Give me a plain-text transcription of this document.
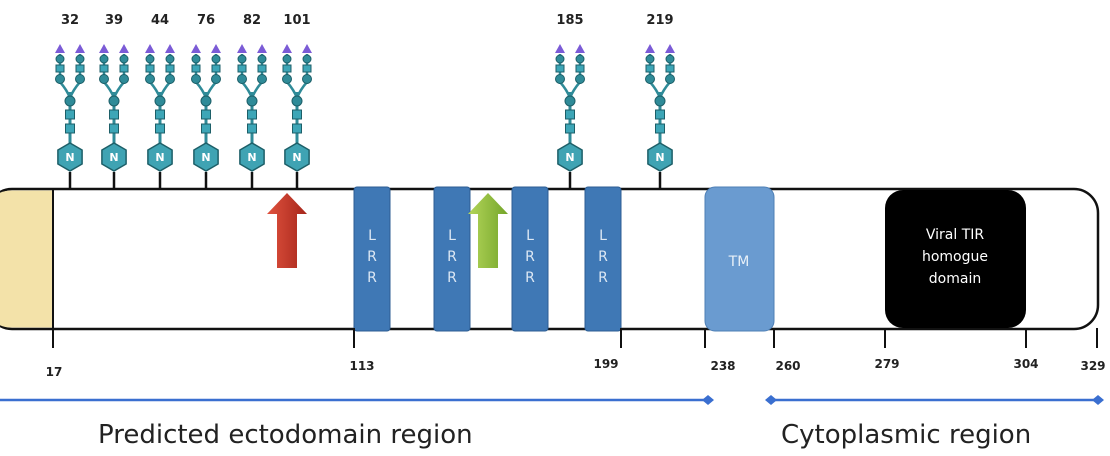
N
32
N
39
N
44
N
76
N
82
N
101
N
185
N
219
L
R
R
L
R
R
L
R
R
L
R
R
TM
Viral TIR
homogue
domain
17	113	199	238	260	279	304	329
Predicted ectodomain region	Cytoplasmic region
